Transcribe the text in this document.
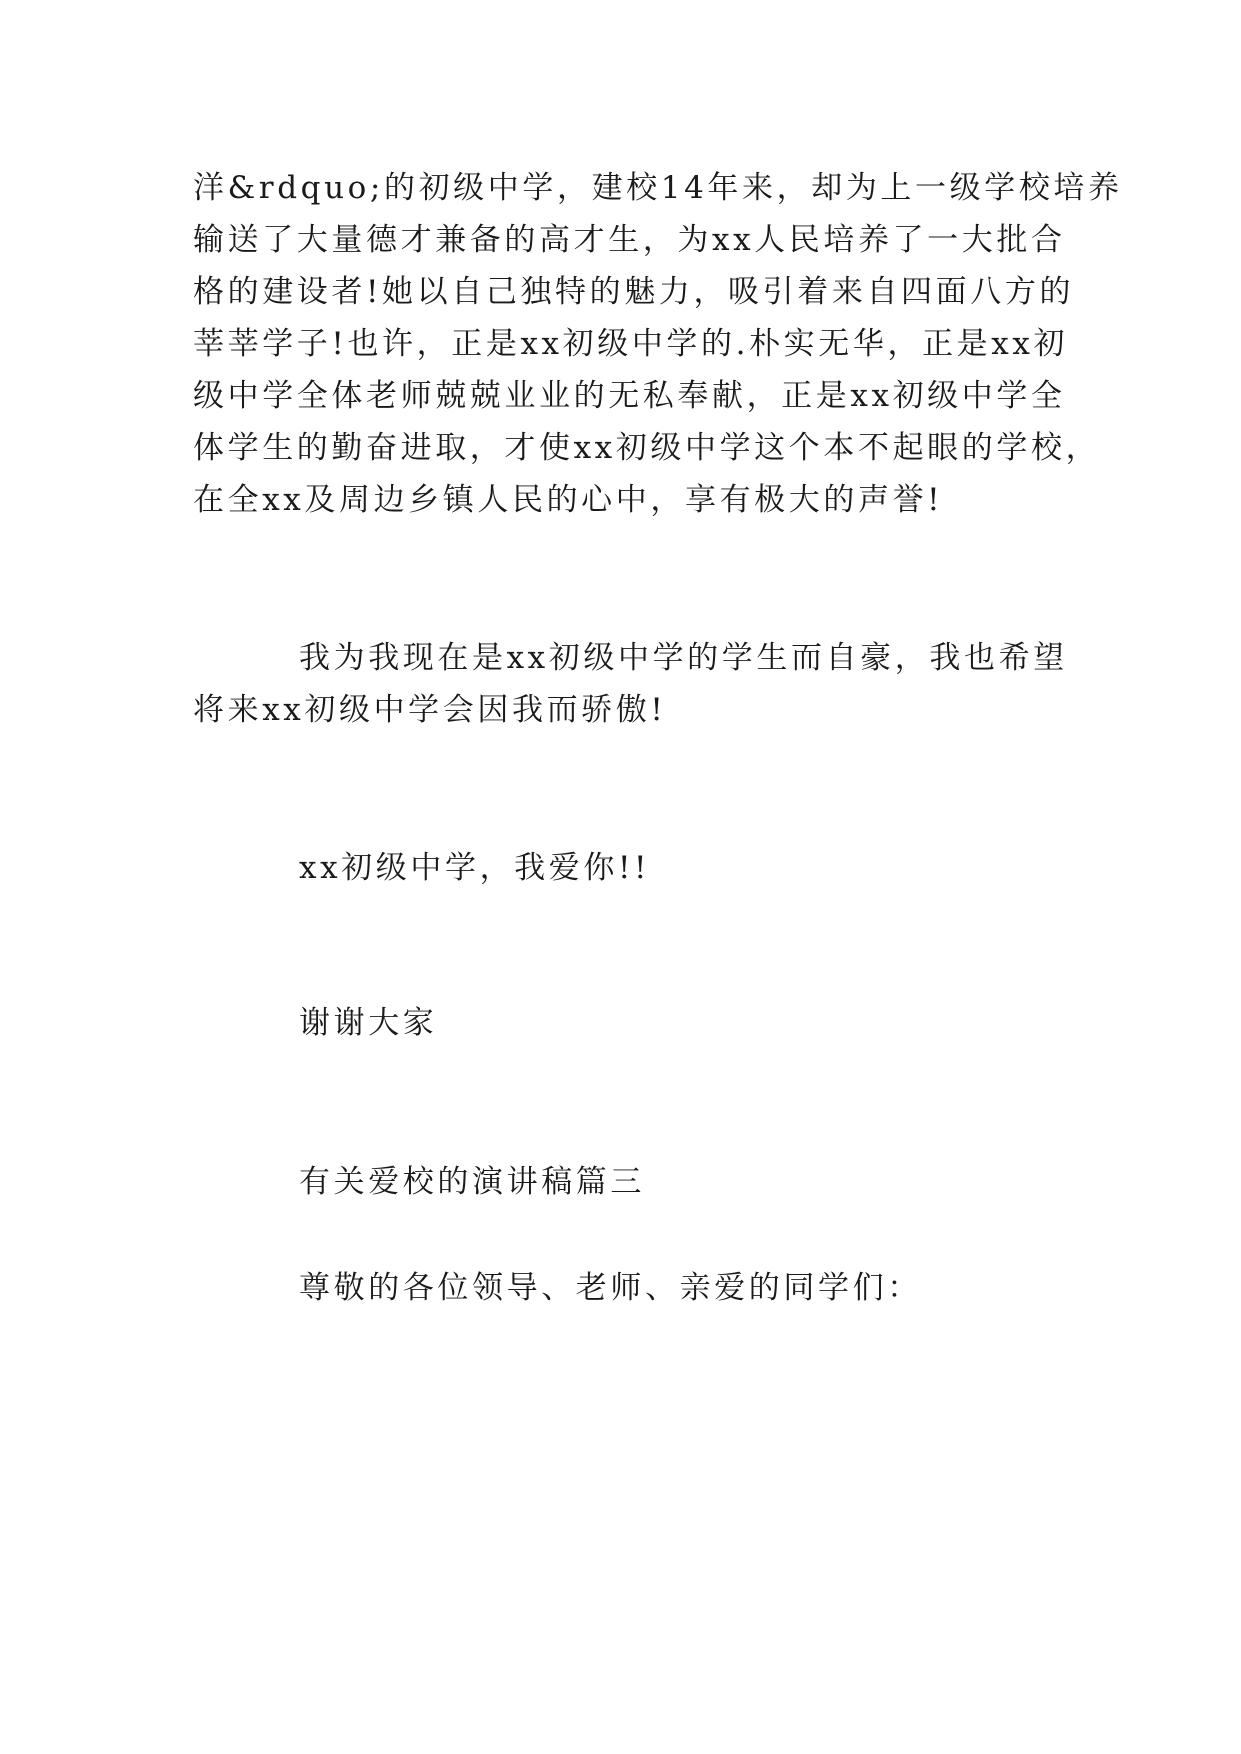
洋&rdquo;的初级中学，建校14年来，却为上一级学校培养
输送了大量德才兼备的高才生，为xx人民培养了一大批合
格的建设者!她以自己独特的魅力，吸引着来自四面八方的
莘莘学子!也许，正是xx初级中学的.朴实无华，正是xx初
级中学全体老师兢兢业业的无私奉献，正是xx初级中学全
体学生的勤奋进取，才使xx初级中学这个本不起眼的学校，
在全xx及周边乡镇人民的心中，享有极大的声誉!
我为我现在是xx初级中学的学生而自豪，我也希望
将来xx初级中学会因我而骄傲!
xx初级中学，我爱你!!
谢谢大家
有关爱校的演讲稿篇三
尊敬的各位领导、老师、亲爱的同学们：
